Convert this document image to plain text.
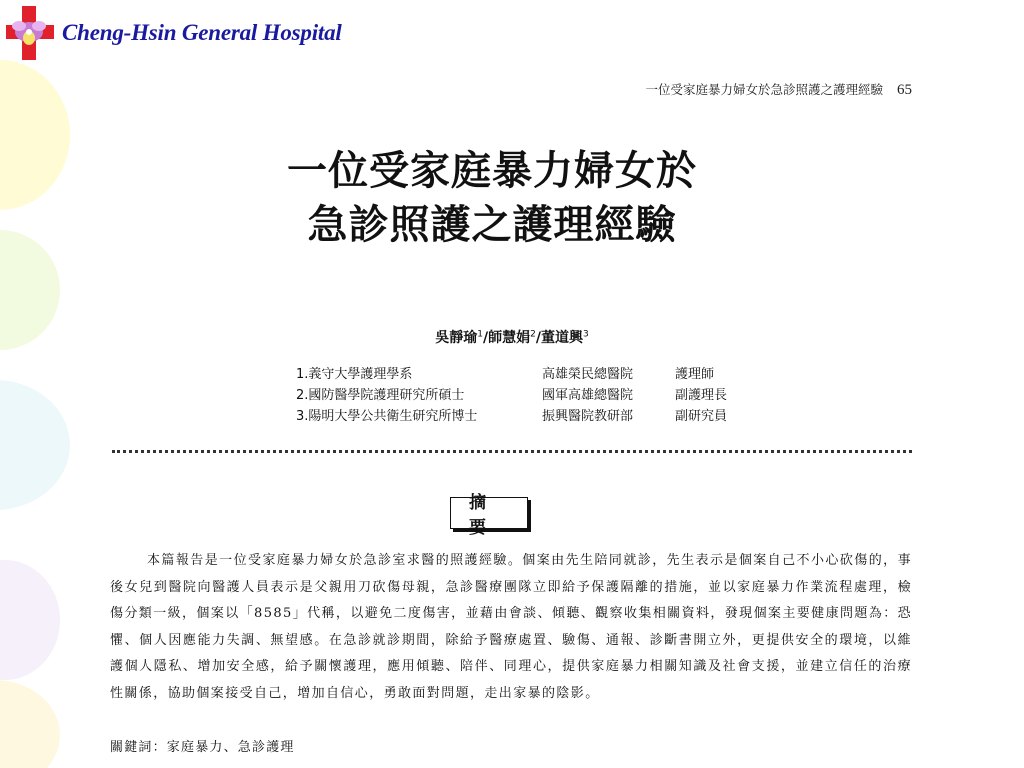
Cheng-Hsin General Hospital
一位受家庭暴力婦女於急診照護之護理經驗 65
一位受家庭暴力婦女於
急診照護之護理經驗
吳靜瑜$^1$/師慧娟$^2$/董道興$^3$
1.義守大學護理學系	高雄榮民總醫院	護理師
2.國防醫學院護理研究所碩士	國軍高雄總醫院	副護理長
3.陽明大學公共衛生研究所博士	振興醫院教研部	副研究員
摘要
本篇報告是一位受家庭暴力婦女於急診室求醫的照護經驗。個案由先生陪同就診，先生表示是個案自己不小心砍傷的，事後女兒到醫院向醫護人員表示是父親用刀砍傷母親，急診醫療團隊立即給予保護隔離的措施，並以家庭暴力作業流程處理，檢傷分類一級，個案以「8585」代稱，以避免二度傷害，並藉由會談、傾聽、觀察收集相關資料，發現個案主要健康問題為：恐懼、個人因應能力失調、無望感。在急診就診期間，除給予醫療處置、驗傷、通報、診斷書開立外，更提供安全的環境，以維護個人隱私、增加安全感，給予關懷護理，應用傾聽、陪伴、同理心，提供家庭暴力相關知識及社會支援，並建立信任的治療性關係，協助個案接受自己，增加自信心，勇敢面對問題，走出家暴的陰影。
關鍵詞：家庭暴力、急診護理
